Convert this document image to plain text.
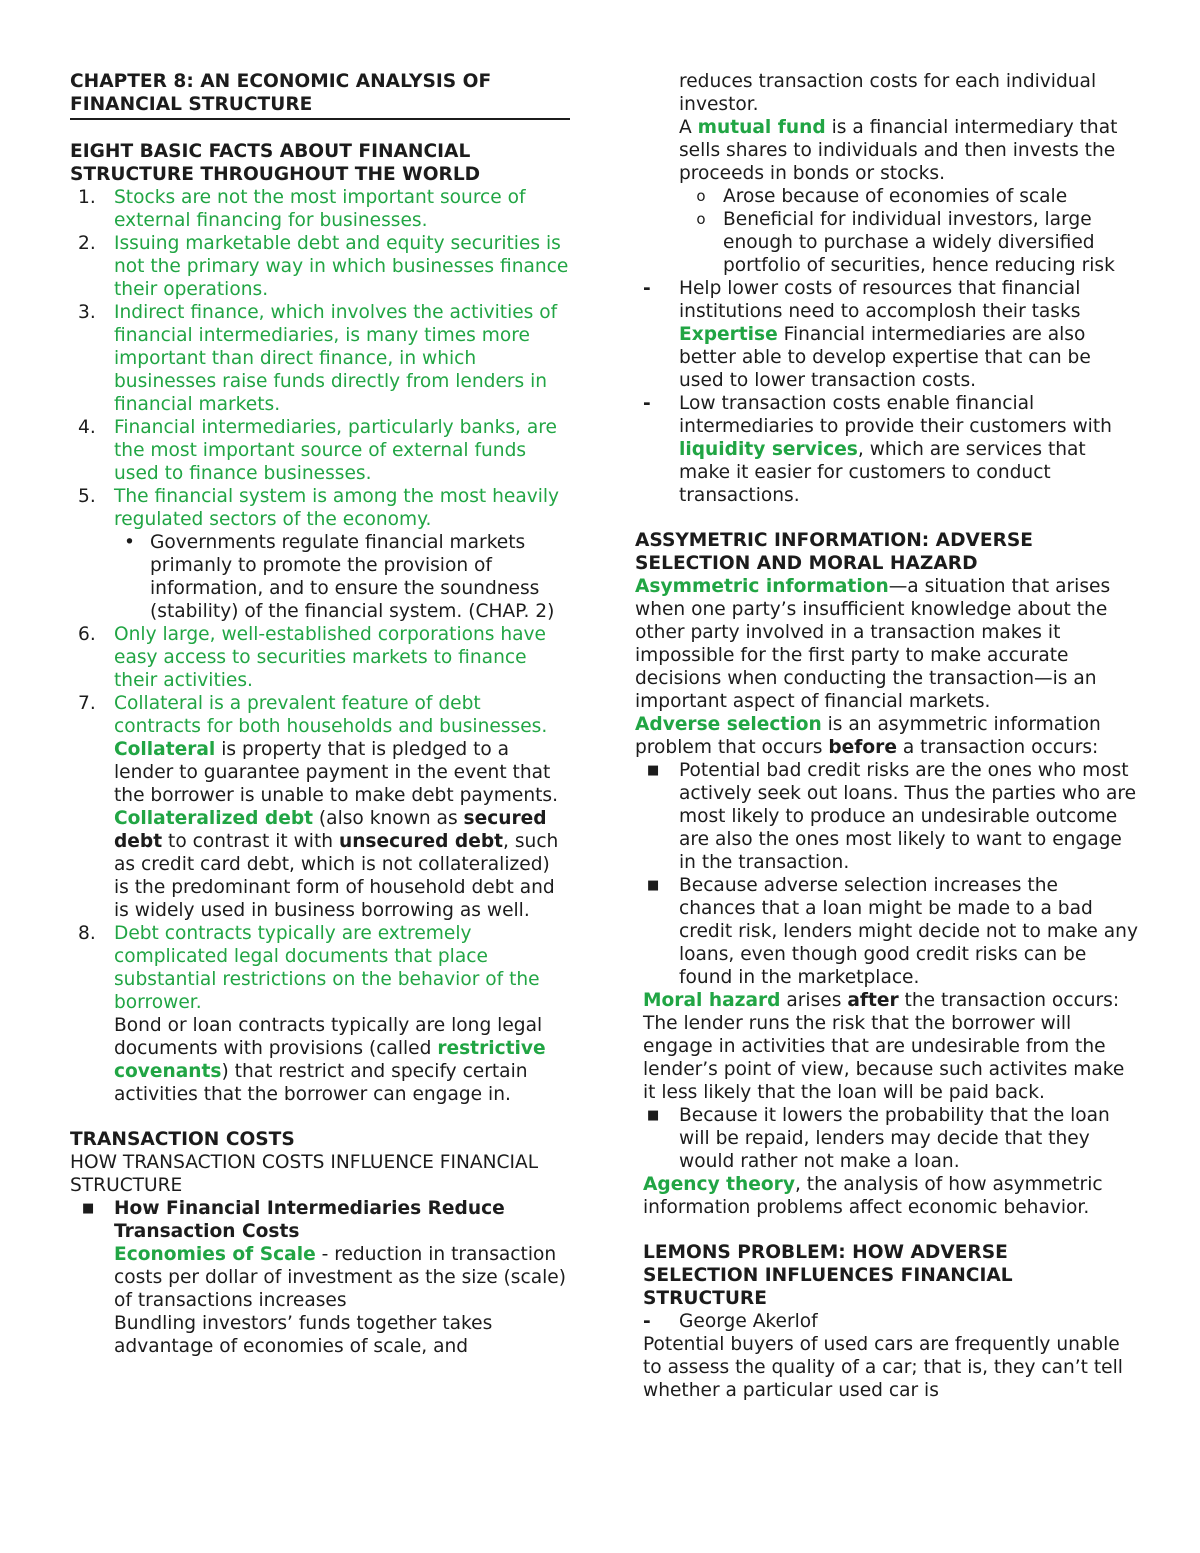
CHAPTER 8: AN ECONOMIC ANALYSIS OF
FINANCIAL STRUCTURE
EIGHT BASIC FACTS ABOUT FINANCIAL
STRUCTURE THROUGHOUT THE WORLD
1. Stocks are not the most important source of external financing for businesses.
2. Issuing marketable debt and equity securities is not the primary way in which businesses finance their operations.
3. Indirect finance, which involves the activities of financial intermediaries, is many times more important than direct finance, in which businesses raise funds directly from lenders in financial markets.
4. Financial intermediaries, particularly banks, are the most important source of external funds used to finance businesses.
5. The financial system is among the most heavily regulated sectors of the economy.
• Governments regulate financial markets primanly to promote the provision of information, and to ensure the soundness (stability) of the financial system. (CHAP. 2)
6. Only large, well-established corporations have easy access to securities markets to finance their activities.
7. Collateral is a prevalent feature of debt contracts for both households and businesses.
Collateral is property that is pledged to a lender to guarantee payment in the event that the borrower is unable to make debt payments. Collateralized debt (also known as secured debt to contrast it with unsecured debt, such as credit card debt, which is not collateralized) is the predominant form of household debt and is widely used in business borrowing as well.
8. Debt contracts typically are extremely complicated legal documents that place substantial restrictions on the behavior of the borrower.
Bond or loan contracts typically are long legal documents with provisions (called restrictive covenants) that restrict and specify certain activities that the borrower can engage in.
TRANSACTION COSTS
HOW TRANSACTION COSTS INFLUENCE FINANCIAL STRUCTURE
■	How Financial Intermediaries Reduce Transaction Costs
Economies of Scale - reduction in transaction costs per dollar of investment as the size (scale) of transactions increases
Bundling investors’ funds together takes advantage of economies of scale, and
reduces transaction costs for each individual investor.
A mutual fund is a financial intermediary that sells shares to individuals and then invests the proceeds in bonds or stocks.
o Arose because of economies of scale
o Beneficial for individual investors, large enough to purchase a widely diversified portfolio of securities, hence reducing risk
-	Help lower costs of resources that financial institutions need to accomplosh their tasks
Expertise Financial intermediaries are also better able to develop expertise that can be used to lower transaction costs.
-	Low transaction costs enable financial intermediaries to provide their customers with liquidity services, which are services that make it easier for customers to conduct transactions.
ASSYMETRIC INFORMATION: ADVERSE
SELECTION AND MORAL HAZARD
Asymmetric information—a situation that arises when one party’s insufficient knowledge about the other party involved in a transaction makes it impossible for the first party to make accurate decisions when conducting the transaction—is an important aspect of financial markets.
Adverse selection is an asymmetric information problem that occurs before a transaction occurs:
■	Potential bad credit risks are the ones who most actively seek out loans. Thus the parties who are most likely to produce an undesirable outcome are also the ones most likely to want to engage in the transaction.
■	Because adverse selection increases the chances that a loan might be made to a bad credit risk, lenders might decide not to make any loans, even though good credit risks can be found in the marketplace.
Moral hazard arises after the transaction occurs: The lender runs the risk that the borrower will engage in activities that are undesirable from the lender’s point of view, because such activites make it less likely that the loan will be paid back.
■	Because it lowers the probability that the loan will be repaid, lenders may decide that they would rather not make a loan.
Agency theory, the analysis of how asymmetric information problems affect economic behavior.
LEMONS PROBLEM: HOW ADVERSE
SELECTION INFLUENCES FINANCIAL
STRUCTURE
-	George Akerlof
Potential buyers of used cars are frequently unable to assess the quality of a car; that is, they can’t tell whether a particular used car is
